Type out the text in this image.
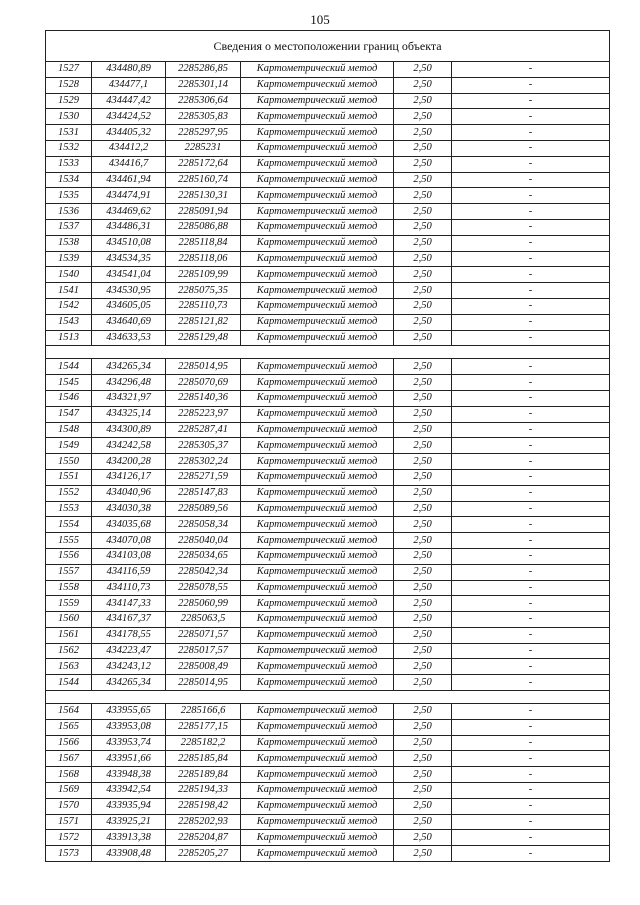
105
Сведения о местоположении границ объекта					
1527	434480,89	2285286,85	Картометрический метод	2,50	-
1528	434477,1	2285301,14	Картометрический метод	2,50	-
1529	434447,42	2285306,64	Картометрический метод	2,50	-
1530	434424,52	2285305,83	Картометрический метод	2,50	-
1531	434405,32	2285297,95	Картометрический метод	2,50	-
1532	434412,2	2285231	Картометрический метод	2,50	-
1533	434416,7	2285172,64	Картометрический метод	2,50	-
1534	434461,94	2285160,74	Картометрический метод	2,50	-
1535	434474,91	2285130,31	Картометрический метод	2,50	-
1536	434469,62	2285091,94	Картометрический метод	2,50	-
1537	434486,31	2285086,88	Картометрический метод	2,50	-
1538	434510,08	2285118,84	Картометрический метод	2,50	-
1539	434534,35	2285118,06	Картометрический метод	2,50	-
1540	434541,04	2285109,99	Картометрический метод	2,50	-
1541	434530,95	2285075,35	Картометрический метод	2,50	-
1542	434605,05	2285110,73	Картометрический метод	2,50	-
1543	434640,69	2285121,82	Картометрический метод	2,50	-
1513	434633,53	2285129,48	Картометрический метод	2,50	-

1544	434265,34	2285014,95	Картометрический метод	2,50	-
1545	434296,48	2285070,69	Картометрический метод	2,50	-
1546	434321,97	2285140,36	Картометрический метод	2,50	-
1547	434325,14	2285223,97	Картометрический метод	2,50	-
1548	434300,89	2285287,41	Картометрический метод	2,50	-
1549	434242,58	2285305,37	Картометрический метод	2,50	-
1550	434200,28	2285302,24	Картометрический метод	2,50	-
1551	434126,17	2285271,59	Картометрический метод	2,50	-
1552	434040,96	2285147,83	Картометрический метод	2,50	-
1553	434030,38	2285089,56	Картометрический метод	2,50	-
1554	434035,68	2285058,34	Картометрический метод	2,50	-
1555	434070,08	2285040,04	Картометрический метод	2,50	-
1556	434103,08	2285034,65	Картометрический метод	2,50	-
1557	434116,59	2285042,34	Картометрический метод	2,50	-
1558	434110,73	2285078,55	Картометрический метод	2,50	-
1559	434147,33	2285060,99	Картометрический метод	2,50	-
1560	434167,37	2285063,5	Картометрический метод	2,50	-
1561	434178,55	2285071,57	Картометрический метод	2,50	-
1562	434223,47	2285017,57	Картометрический метод	2,50	-
1563	434243,12	2285008,49	Картометрический метод	2,50	-
1544	434265,34	2285014,95	Картометрический метод	2,50	-

1564	433955,65	2285166,6	Картометрический метод	2,50	-
1565	433953,08	2285177,15	Картометрический метод	2,50	-
1566	433953,74	2285182,2	Картометрический метод	2,50	-
1567	433951,66	2285185,84	Картометрический метод	2,50	-
1568	433948,38	2285189,84	Картометрический метод	2,50	-
1569	433942,54	2285194,33	Картометрический метод	2,50	-
1570	433935,94	2285198,42	Картометрический метод	2,50	-
1571	433925,21	2285202,93	Картометрический метод	2,50	-
1572	433913,38	2285204,87	Картометрический метод	2,50	-
1573	433908,48	2285205,27	Картометрический метод	2,50	-
